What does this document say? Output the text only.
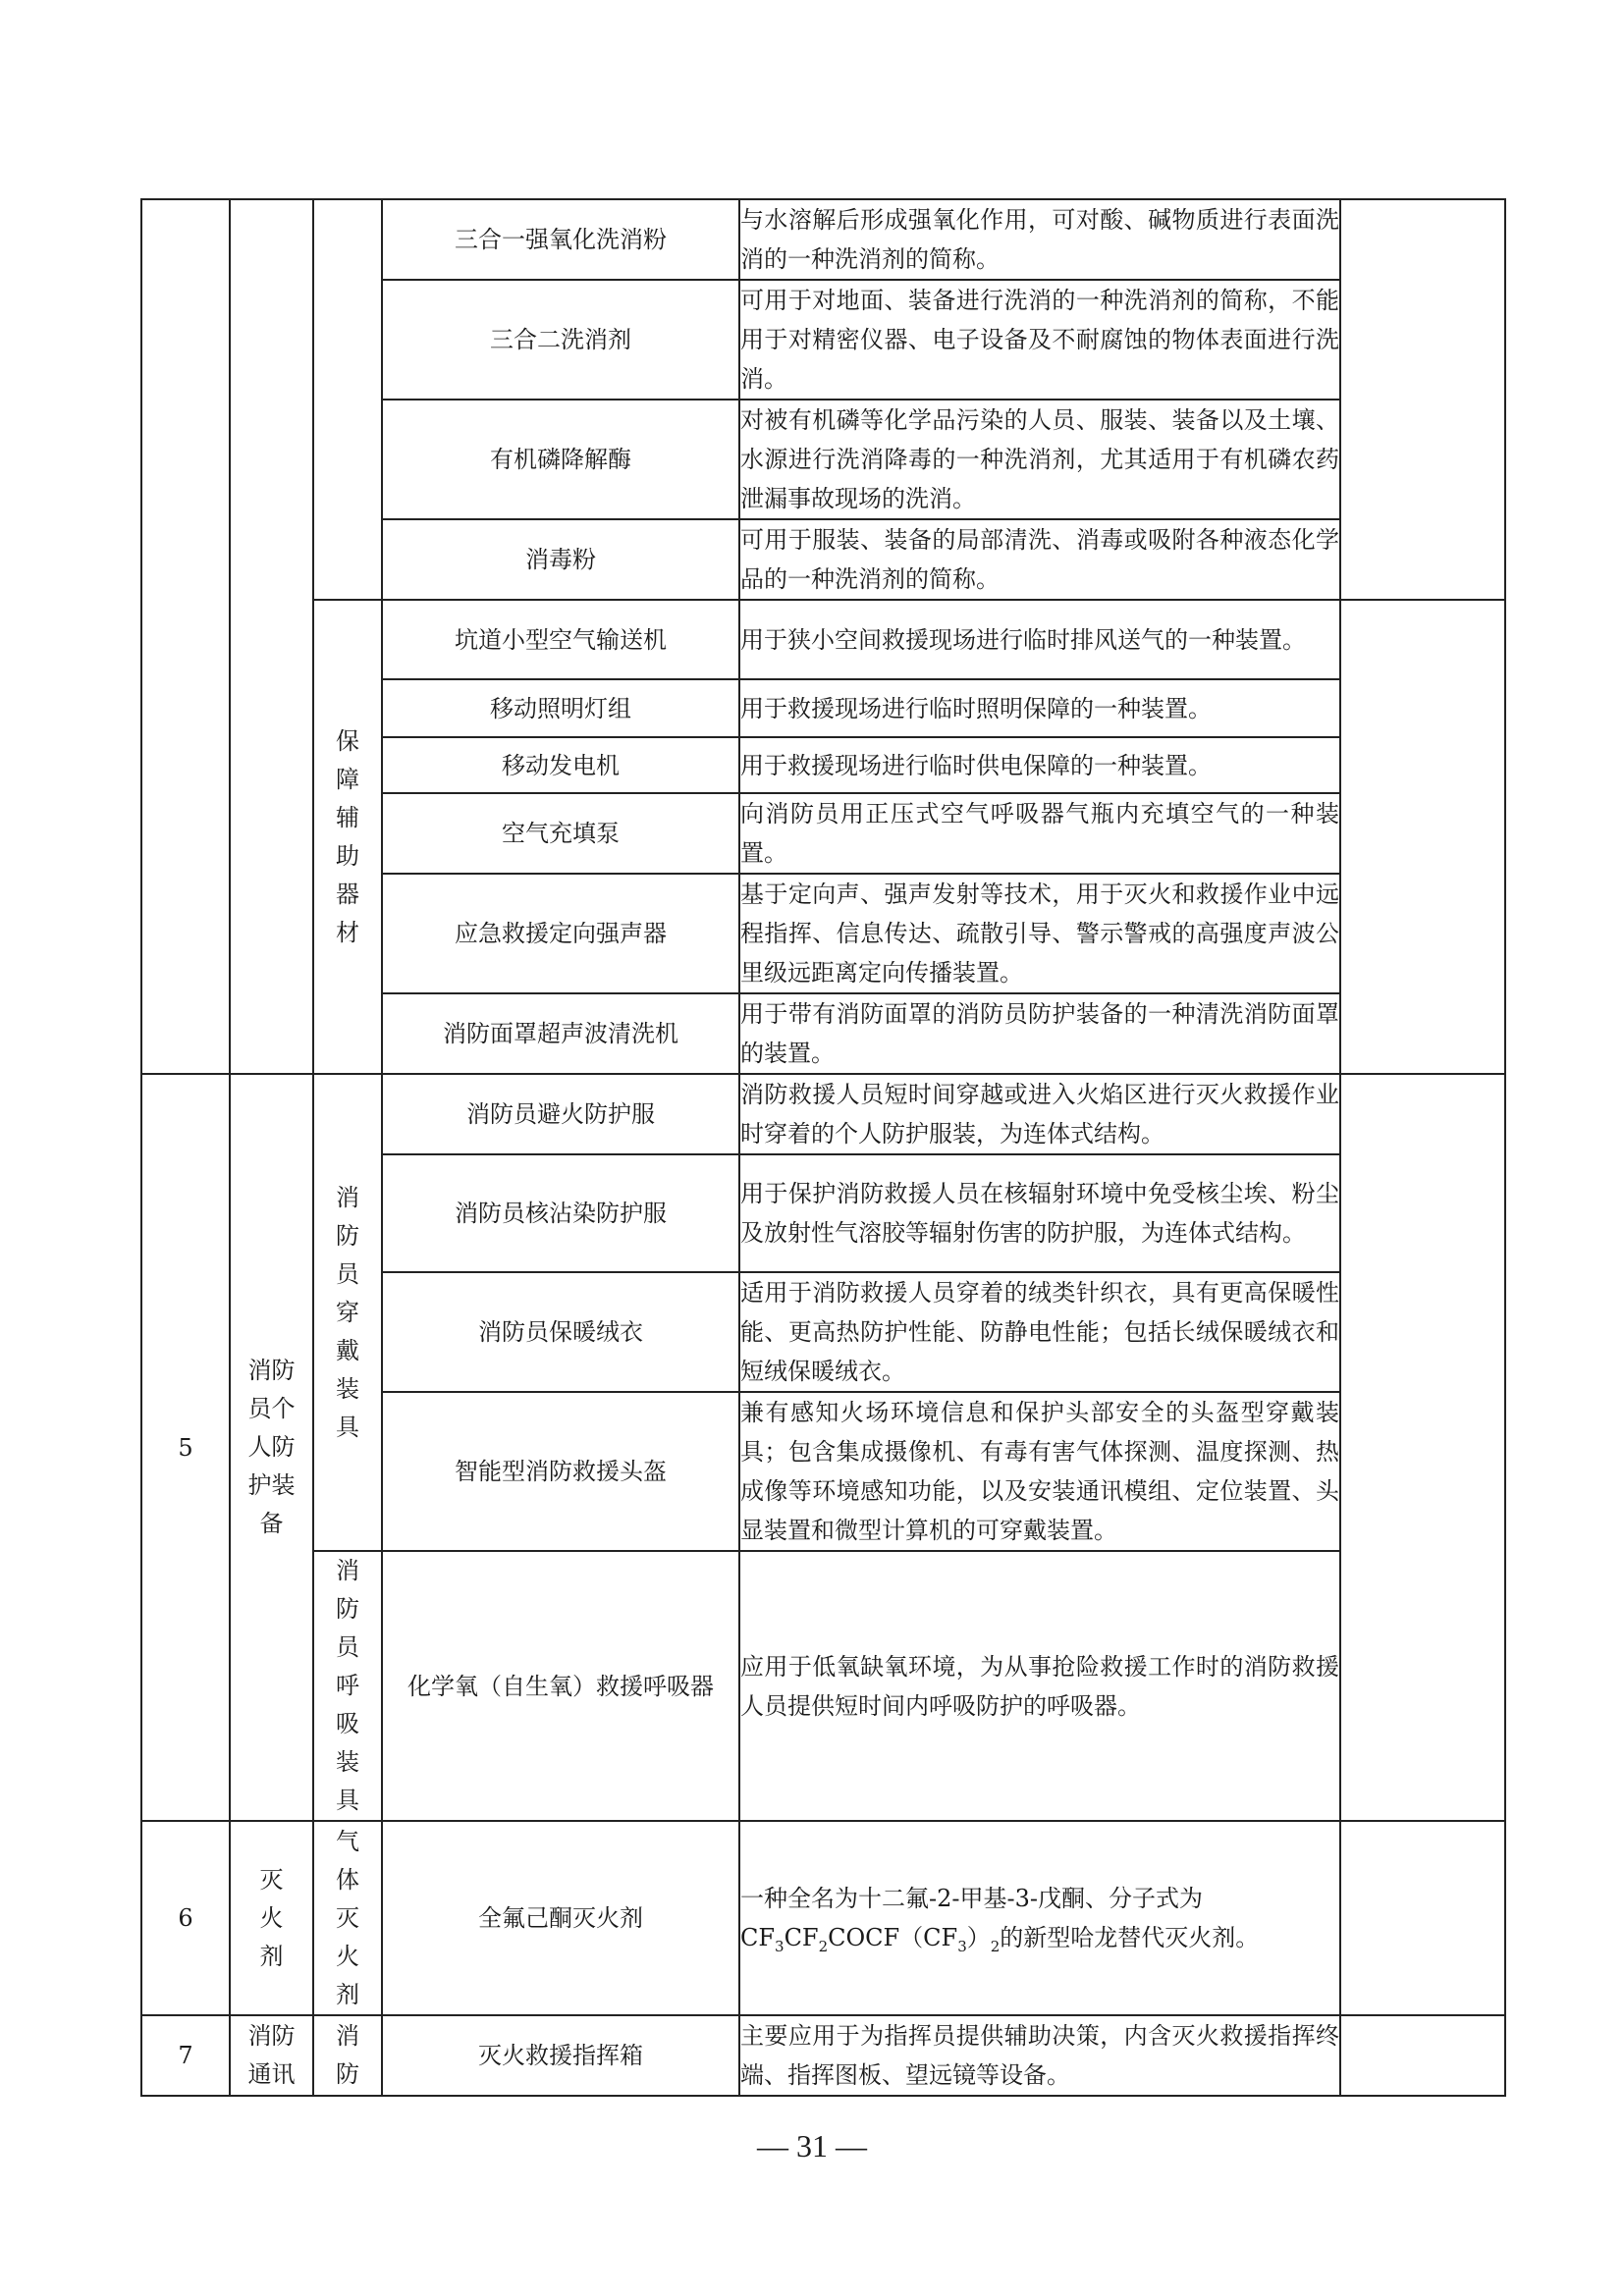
			三合一强氧化洗消粉	与水溶解后形成强氧化作用，可对酸、碱物质进行表面洗消的一种洗消剂的简称。	
			三合二洗消剂	可用于对地面、装备进行洗消的一种洗消剂的简称，不能用于对精密仪器、电子设备及不耐腐蚀的物体表面进行洗消。	
			有机磷降解酶	对被有机磷等化学品污染的人员、服装、装备以及土壤、水源进行洗消降毒的一种洗消剂，尤其适用于有机磷农药泄漏事故现场的洗消。	
			消毒粉	可用于服装、装备的局部清洗、消毒或吸附各种液态化学品的一种洗消剂的简称。	
		保障辅助器材	坑道小型空气输送机	用于狭小空间救援现场进行临时排风送气的一种装置。	
			移动照明灯组	用于救援现场进行临时照明保障的一种装置。	
			移动发电机	用于救援现场进行临时供电保障的一种装置。	
			空气充填泵	向消防员用正压式空气呼吸器气瓶内充填空气的一种装置。	
			应急救援定向强声器	基于定向声、强声发射等技术，用于灭火和救援作业中远程指挥、信息传达、疏散引导、警示警戒的高强度声波公里级远距离定向传播装置。	
			消防面罩超声波清洗机	用于带有消防面罩的消防员防护装备的一种清洗消防面罩的装置。	
5	消防员个人防护装备	消防员穿戴装具	消防员避火防护服	消防救援人员短时间穿越或进入火焰区进行灭火救援作业时穿着的个人防护服装，为连体式结构。	
			消防员核沾染防护服	用于保护消防救援人员在核辐射环境中免受核尘埃、粉尘及放射性气溶胶等辐射伤害的防护服，为连体式结构。	
			消防员保暖绒衣	适用于消防救援人员穿着的绒类针织衣，具有更高保暖性能、更高热防护性能、防静电性能；包括长绒保暖绒衣和短绒保暖绒衣。	
			智能型消防救援头盔	兼有感知火场环境信息和保护头部安全的头盔型穿戴装具；包含集成摄像机、有毒有害气体探测、温度探测、热成像等环境感知功能，以及安装通讯模组、定位装置、头显装置和微型计算机的可穿戴装置。	
		消防员呼吸装具	化学氧（自生氧）救援呼吸器	应用于低氧缺氧环境，为从事抢险救援工作时的消防救援人员提供短时间内呼吸防护的呼吸器。	
6	灭火剂	气体灭火剂	全氟己酮灭火剂	一种全名为十二氟-2-甲基-3-戊酮、分子式为
$CF_3CF_2COCF(CF_3)_2$的新型哈龙替代灭火剂。	
7	消防通讯	消防	灭火救援指挥箱	主要应用于为指挥员提供辅助决策，内含灭火救援指挥终端、指挥图板、望远镜等设备。	
— 31 —
